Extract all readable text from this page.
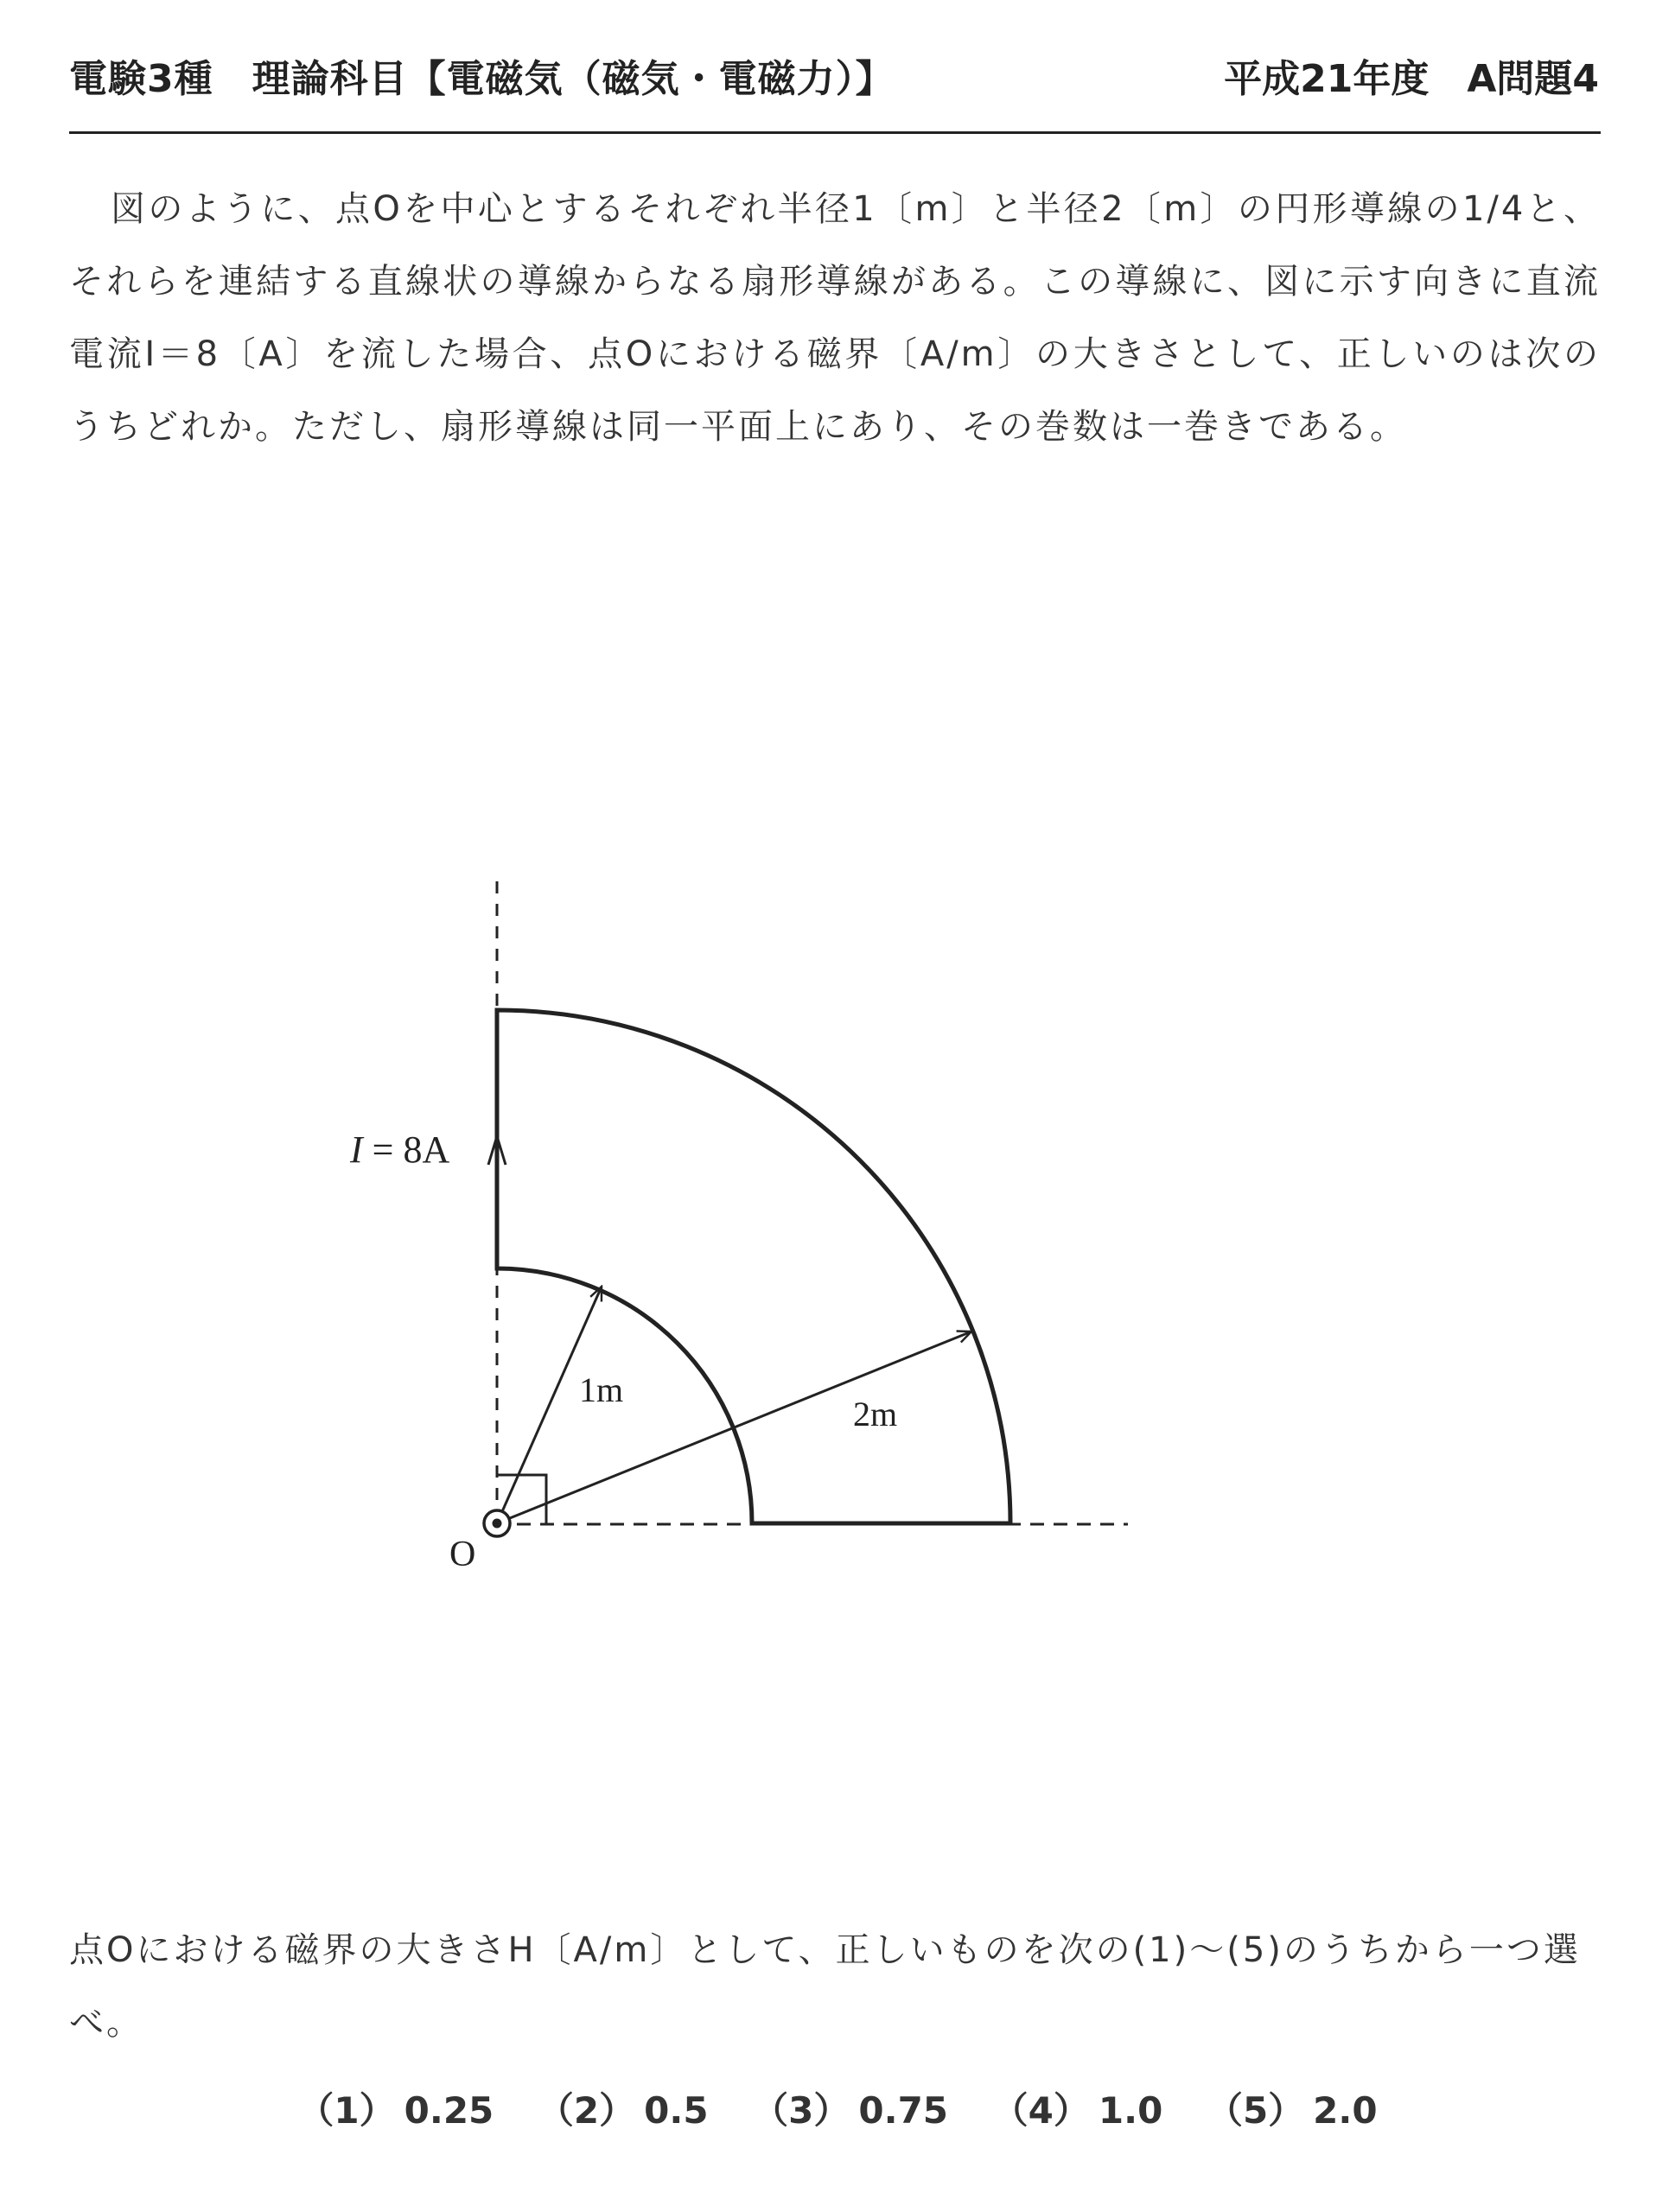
電験3種　理論科目【電磁気（磁気・電磁力）】	平成21年度　A問題4

図のように、点Oを中心とするそれぞれ半径1〔m〕と半径2〔m〕の円形導線の1/4と、それらを連結する直線状の導線からなる扇形導線がある。この導線に、図に示す向きに直流電流I＝8〔A〕を流した場合、点Oにおける磁界〔A/m〕の大きさとして、正しいのは次のうちどれか。ただし、扇形導線は同一平面上にあり、その巻数は一巻きである。

I = 8A
1m
2m
O

点Oにおける磁界の大きさH〔A/m〕として、正しいものを次の(1)〜(5)のうちから一つ選べ。

（1） 0.25 （2） 0.5 （3） 0.75 （4） 1.0 （5） 2.0
